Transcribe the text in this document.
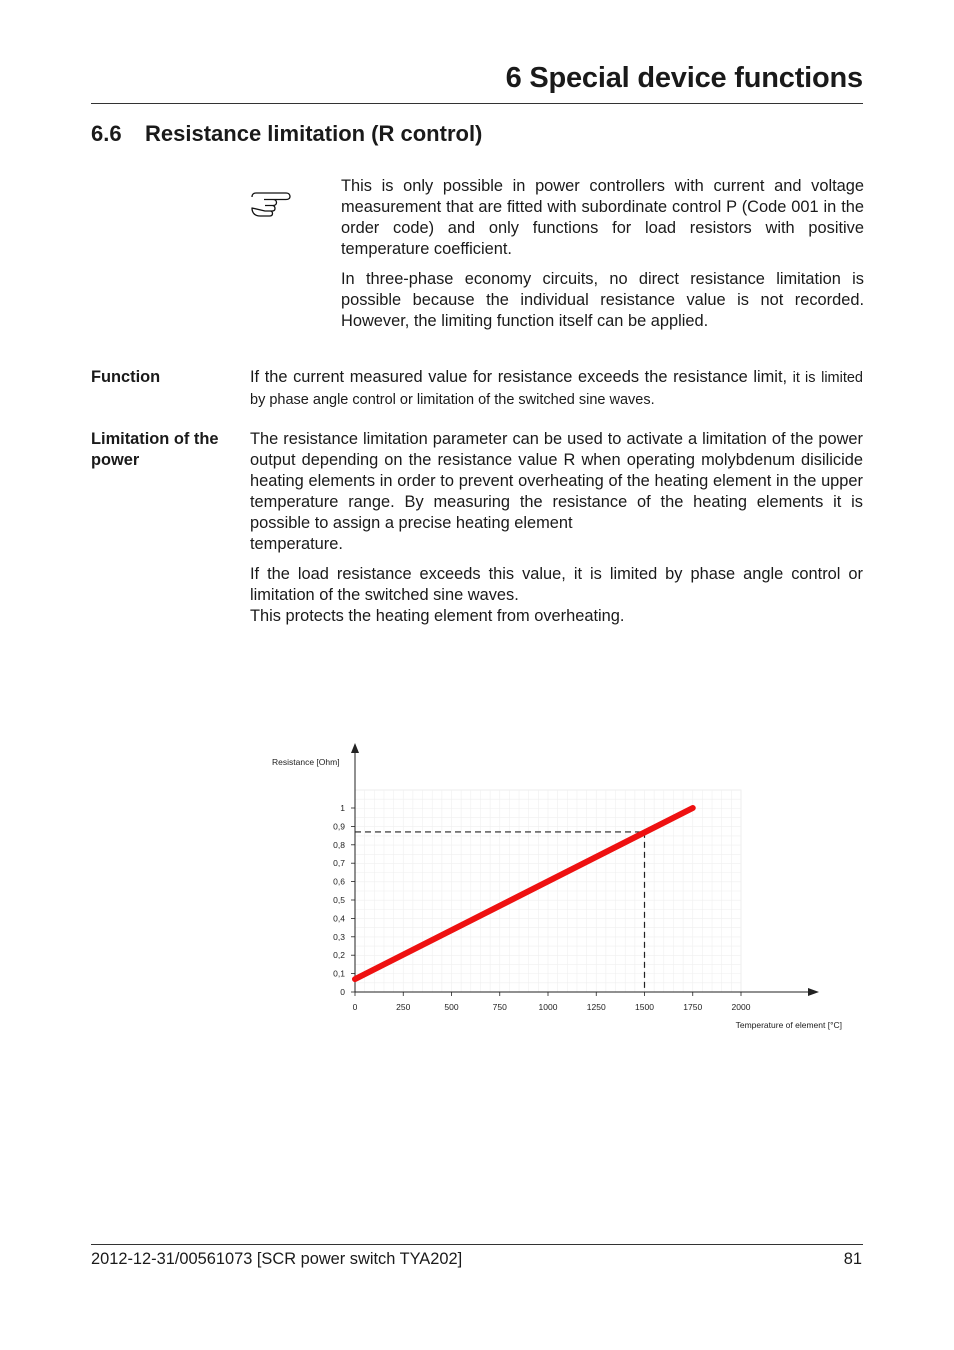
6 Special device functions
6.6 Resistance limitation (R control)
This is only possible in power controllers with current and voltage measurement that are fitted with subordinate control P (Code 001 in the order code) and only functions for load resistors with positive temperature coefficient.
In three-phase economy circuits, no direct resistance limitation is possible because the individual resistance value is not recorded. However, the limiting function itself can be applied.
Function	If the current measured value for resistance exceeds the resistance limit, it is limited by phase angle control or limitation of the switched sine waves.
Limitation of the power
The resistance limitation parameter can be used to activate a limitation of the power output depending on the resistance value R when operating molybdenum disilicide heating elements in order to prevent overheating of the heating element in the upper temperature range. By measuring the resistance of the heating elements it is possible to assign a precise heating element
temperature.
If the load resistance exceeds this value, it is limited by phase angle control or
limitation of the switched sine waves.
This protects the heating element from overheating.
0	250	500	750	1000	1250	1500	1750	2000
0
0,1
0,2
0,3
0,4
0,5
0,6
0,7
0,8
0,9
1
Resistance [Ohm]
Temperature of element [°C]
2012-12-31/00561073 [SCR power switch TYA202]	81
